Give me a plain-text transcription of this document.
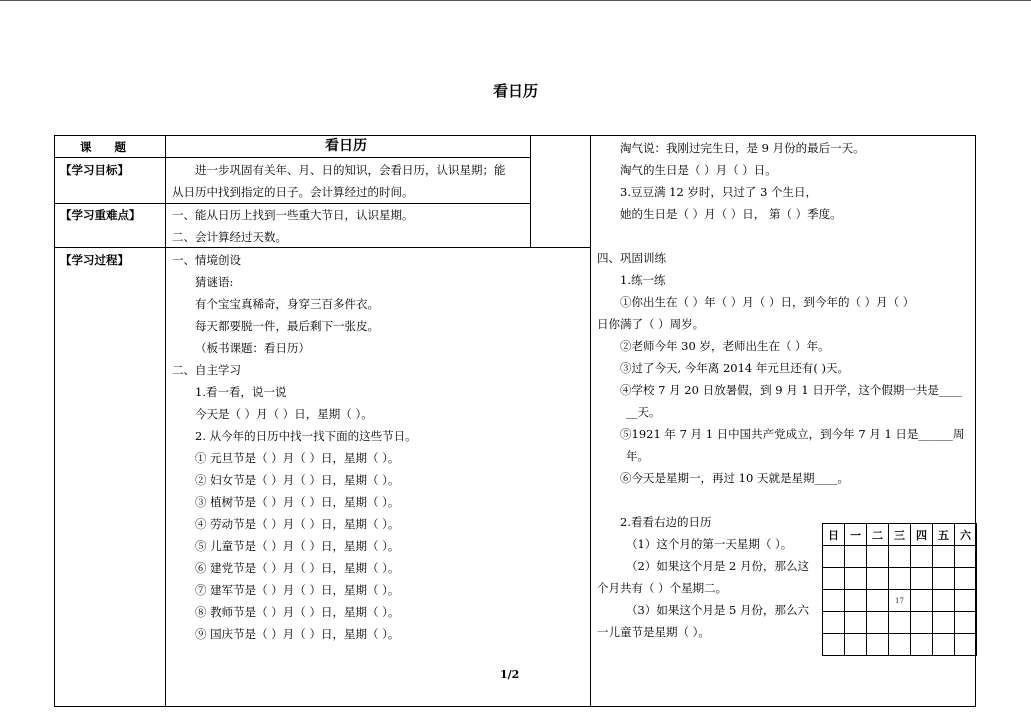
看日历
课　　题	看日历
【学习目标】	进一步巩固有关年、月、日的知识，会看日历，认识星期；能
从日历中找到指定的日子。会计算经过的时间。
【学习重难点】	一、能从日历上找到一些重大节日，认识星期。
二、会计算经过天数。
【学习过程】	一、情境创设
猜谜语:
有个宝宝真稀奇，身穿三百多件衣。
每天都要脱一件，最后剩下一张皮。
（板书课题：看日历）
二、自主学习
1.看一看，说一说
今天是（ ）月（ ）日，星期（ ）。
2. 从今年的日历中找一找下面的这些节日。
① 元旦节是（ ）月（ ）日，星期（ ）。
② 妇女节是（ ）月（ ）日，星期（ ）。
③ 植树节是（ ）月（ ）日，星期（ ）。
④ 劳动节是（ ）月（ ）日，星期（ ）。
⑤ 儿童节是（ ）月（ ）日，星期（ ）。
⑥ 建党节是（ ）月（ ）日，星期（ ）。
⑦ 建军节是（ ）月（ ）日，星期（ ）。
⑧ 教师节是（ ）月（ ）日，星期（ ）。
⑨ 国庆节是（ ）月（ ）日，星期（ ）。
1/2
淘气说：我刚过完生日，是 9 月份的最后一天。
淘气的生日是（ ）月（ ）日。
3.豆豆满 12 岁时，只过了 3 个生日，
她的生日是（ ）月（ ）日， 第（ ）季度。
四、巩固训练
1.练一练
①你出生在（ ）年（ ）月（ ）日，到今年的（ ）月（ ）
日你满了（ ）周岁。
②老师今年 30 岁，老师出生在（ ）年。
③过了今天, 今年离 2014 年元旦还有( )天。
④学校 7 月 20 日放暑假，到 9 月 1 日开学，这个假期一共是____
__天。
⑤1921 年 7 月 1 日中国共产党成立，到今年 7 月 1 日是______周
年。
⑥今天是星期一，再过 10 天就是星期____。
2.看看右边的日历
（1）这个月的第一天星期（ ）。
（2）如果这个月是 2 月份，那么这
个月共有（ ）个星期二。
（3）如果这个月是 5 月份，那么六
一儿童节是星期（ ）。
日	一	二	三	四	五	六

			17			
